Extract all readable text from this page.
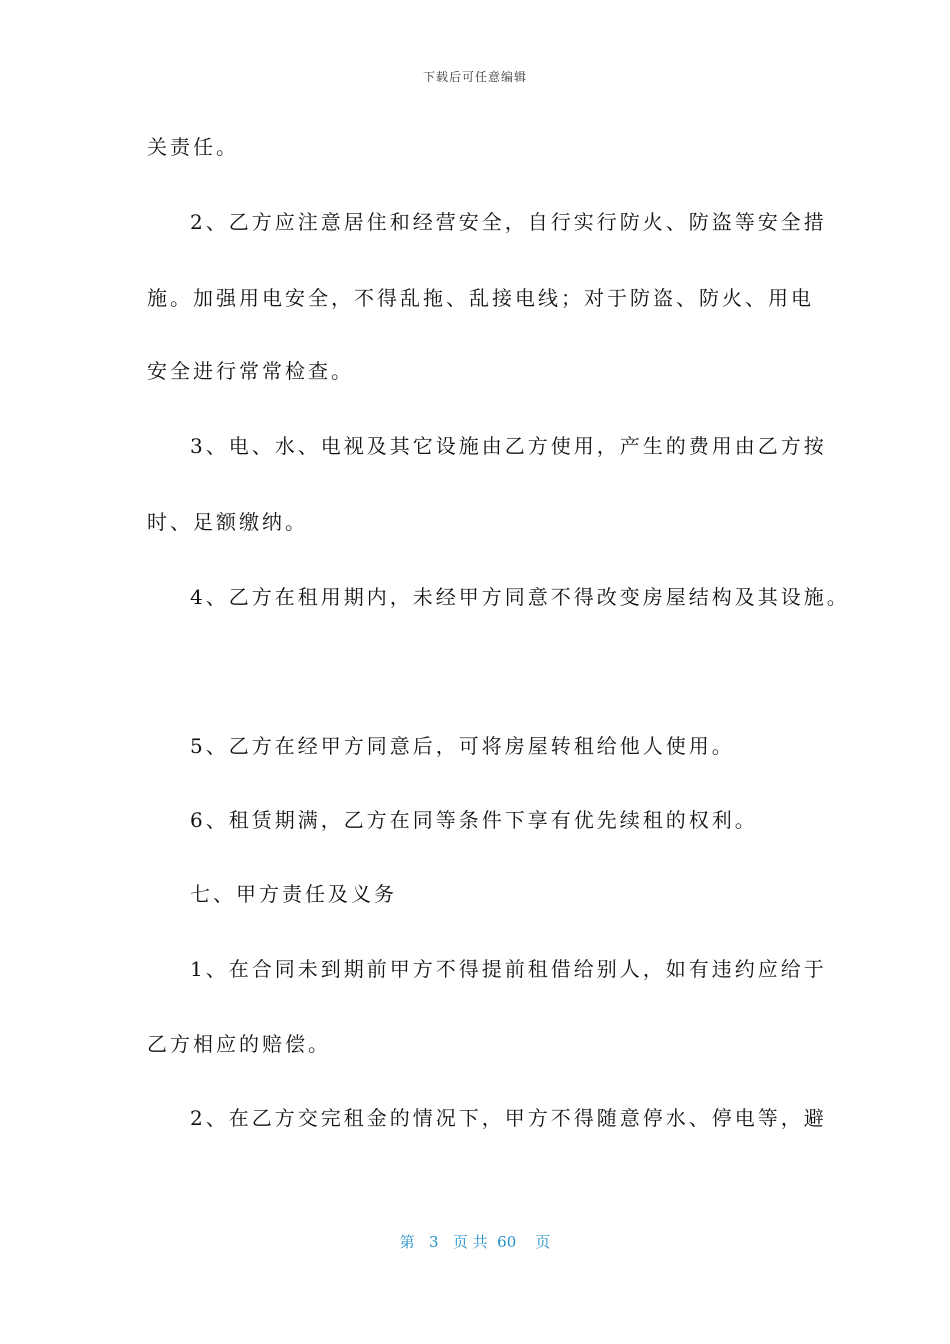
下载后可任意编辑
关责任。
2、乙方应注意居住和经营安全，自行实行防火、防盗等安全措
施。加强用电安全，不得乱拖、乱接电线；对于防盗、防火、用电
安全进行常常检查。
3、电、水、电视及其它设施由乙方使用，产生的费用由乙方按
时、足额缴纳。
4、乙方在租用期内，未经甲方同意不得改变房屋结构及其设施。
5、乙方在经甲方同意后，可将房屋转租给他人使用。
6、租赁期满，乙方在同等条件下享有优先续租的权利。
七、甲方责任及义务
1、在合同未到期前甲方不得提前租借给别人，如有违约应给于
乙方相应的赔偿。
2、在乙方交完租金的情况下，甲方不得随意停水、停电等，避
第 3 页 共 60 页
